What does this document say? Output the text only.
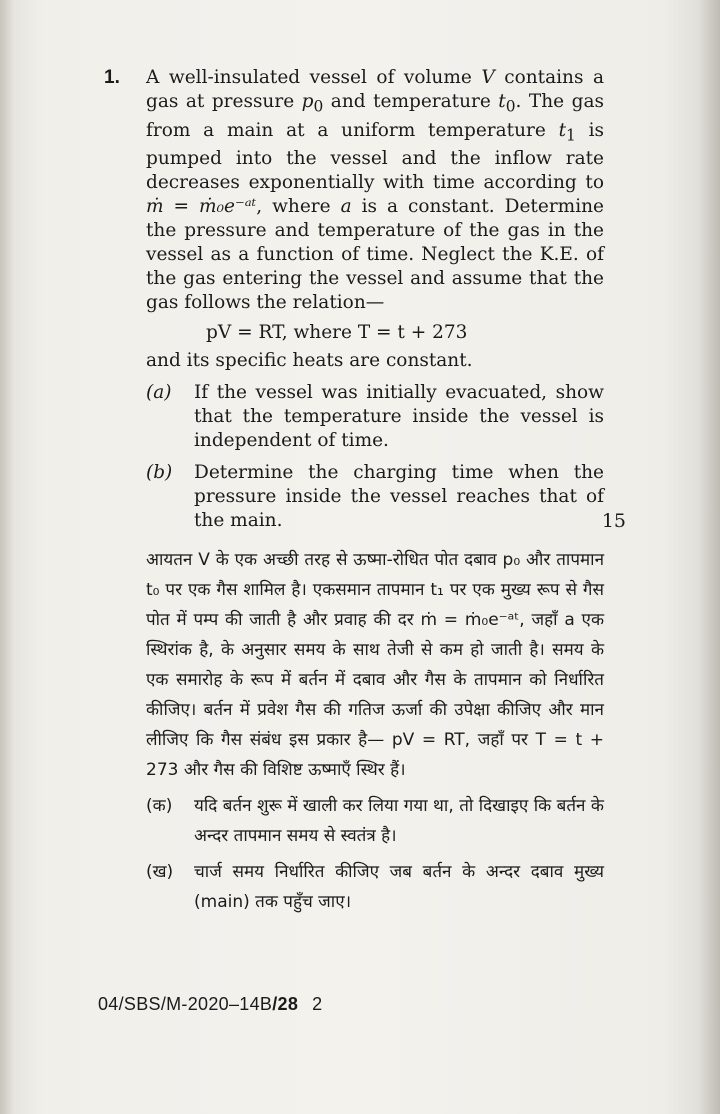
1. A well-insulated vessel of volume V contains a gas at pressure $p_0$ and temperature $t_0$. The gas from a main at a uniform temperature $t_1$ is pumped into the vessel and the inflow rate decreases exponentially with time according to ṁ = ṁ₀e⁻ᵃᵗ, where a is a constant. Determine the pressure and temperature of the gas in the vessel as a function of time. Neglect the K.E. of the gas entering the vessel and assume that the gas follows the relation—
pV = RT, where T = t + 273
and its specific heats are constant.
(a) If the vessel was initially evacuated, show that the temperature inside the vessel is independent of time.
(b) Determine the charging time when the pressure inside the vessel reaches that of the main.	15
आयतन V के एक अच्छी तरह से ऊष्मा-रोधित पोत दबाव p₀ और तापमान t₀ पर एक गैस शामिल है। एकसमान तापमान t₁ पर एक मुख्य रूप से गैस पोत में पम्प की जाती है और प्रवाह की दर ṁ = ṁ₀e⁻ᵃᵗ, जहाँ a एक स्थिरांक है, के अनुसार समय के साथ तेजी से कम हो जाती है। समय के एक समारोह के रूप में बर्तन में दबाव और गैस के तापमान को निर्धारित कीजिए। बर्तन में प्रवेश गैस की गतिज ऊर्जा की उपेक्षा कीजिए और मान लीजिए कि गैस संबंध इस प्रकार है— pV = RT, जहाँ पर T = t + 273 और गैस की विशिष्ट ऊष्माएँ स्थिर हैं।
(क) यदि बर्तन शुरू में खाली कर लिया गया था, तो दिखाइए कि बर्तन के अन्दर तापमान समय से स्वतंत्र है।
(ख) चार्ज समय निर्धारित कीजिए जब बर्तन के अन्दर दबाव मुख्य (main) तक पहुँच जाए।
04/SBS/M-2020–14B/28 2
